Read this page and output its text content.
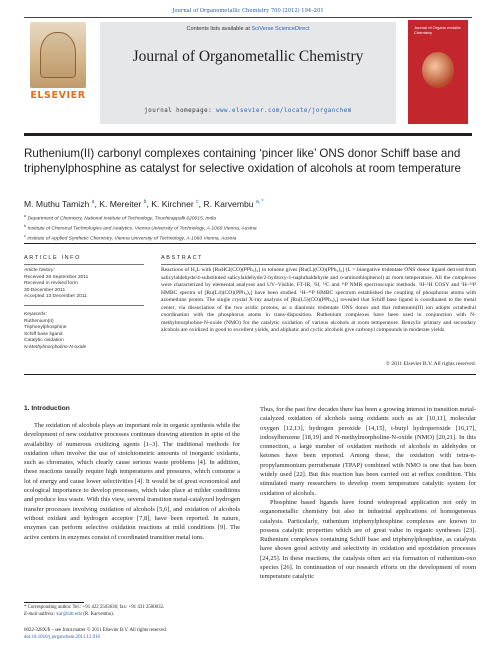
Journal of Organometallic Chemistry 700 (2012) 194–201
ELSEVIER
Contents lists available at SciVerse ScienceDirect
Journal of Organometallic Chemistry
journal homepage: www.elsevier.com/locate/jorganchem
Journal of Organo metallic Chemistry
Ruthenium(II) carbonyl complexes containing ‘pincer like’ ONS donor Schiff base and triphenylphosphine as catalyst for selective oxidation of alcohols at room temperature
M. Muthu Tamizh $^a$, K. Mereiter $^b$, K. Kirchner $^c$, R. Karvembu $^{a, *}$
$^a$ Department of Chemistry, National Institute of Technology, Tiruchirappalli 620015, India
$^b$ Institute of Chemical Technologies and Analytics, Vienna University of Technology, A-1060 Vienna, Austria
$^c$ Institute of Applied Synthetic Chemistry, Vienna University of Technology, A-1060 Vienna, Austria
ARTICLE INFO	ABSTRACT
Article history:
Received 26 September 2011
Received in revised form
30 December 2011
Accepted 13 December 2011
Keywords:
Ruthenium(II)
Triphenylphosphine
Schiff base ligand
Catalytic oxidation
N-Methylmorpholine-N-oxide
Reactions of H₂L with [RuHCl(CO)(PPh₃)₃] in toluene gives [Ru(L)(CO)(PPh₃)₂] (L = binegative tridentate ONS donor ligand derived from salicylaldehyde/4-substituted salicylaldehyde/2-hydroxy-1-naphthaldehyde and o-aminothiophenol) at room temperature. All the complexes were characterized by elemental analyses and UV–Visible, FT-IR, ¹H, ¹³C and ³¹P NMR spectroscopic methods. ¹H–¹H COSY and ¹H–³¹P HMBC spectra of [Ru(L4)(CO)(PPh₃)₂] have been studied. ¹H–³¹P HMBC spectrum established the coupling of phosphorus atoms with azomethine proton. The single crystal X-ray analysis of [Ru(L5)(CO)(PPh₃)₂] revealed that Schiff base ligand is coordinated to the metal center, via dissociation of the two acidic protons, as a dianionic tridentate ONS donor and that ruthenium(II) ion adopts octahedral coordination with the phosphorus atoms in trans-disposition. Ruthenium complexes have been used in conjunction with N-methylmorpholine-N-oxide (NMO) for the catalytic oxidation of various alcohols at room temperature. Benzylic primary and secondary alcohols are oxidized in good to excellent yields, and aliphatic and cyclic alcohols give carbonyl compounds in moderate yields.
© 2011 Elsevier B.V. All rights reserved.
1. Introduction

The oxidation of alcohols plays an important role in organic synthesis while the development of new oxidative processes continues drawing attention in spite of the availability of numerous oxidizing agents [1–3]. The traditional methods for oxidation often involve the use of stoichiometric amounts of inorganic oxidants, such as chromates, which clearly cause serious waste problems [4]. In addition, these reactions usually require high temperatures and pressures, which consume a lot of energy and cause lower selectivities [4]. It would be of great economical and ecological importance to develop processes, which take place at milder conditions and produce less waste. With this view, several transition metal-catalyzed hydrogen transfer processes involving oxidation of alcohols [5,6], and oxidation of alcohols without oxidant and hydrogen acceptor [7,8], have been reported. In nature, enzymes can perform selective oxidation reactions at mild conditions [9]. The active centers in enzymes consist of coordinated transition metal ions.

Thus, for the past few decades there has been a growing interest in transition metal-catalyzed oxidation of alcohols using oxidants such as air [10,11], molecular oxygen [12,13], hydrogen peroxide [14,15], t-butyl hydroperoxide [16,17], iodosylbenzene [18,19] and N-methylmorpholine-N-oxide (NMO) [20,21]. In this connection, a large number of oxidation methods of alcohols to aldehydes or ketones have been reported. Among these, the oxidation with tetra-n-propylammonium perruthenate (TPAP) combined with NMO is one that has been widely used [22]. But this reaction has been carried out at reflux condition. This stimulated many researchers to develop room temperature catalytic system for oxidation of alcohols.

Phosphine based ligands have found widespread application not only in organometallic chemistry but also in industrial applications of homogeneous catalysis. Particularly, ruthenium triphenylphosphine complexes are known to possess catalytic properties which are of great value in organic syntheses [23]. Ruthenium complexes containing Schiff base and triphenylphosphine, as catalysts have shown good activity and selectivity in oxidation and epoxidation processes [24,25]. In these reactions, the catalysts often act via formation of ruthenium-oxo species [26]. In continuation of our research efforts on the development of room temperature catalytic

* Corresponding author. Tel.: +91 422 2503636; fax: +91 431 2500032.
E-mail address: kar@nitt.edu (R. Karvembu).
0022-328X/$ – see front matter © 2011 Elsevier B.V. All rights reserved.
doi:10.1016/j.jorganchem.2011.12.016
